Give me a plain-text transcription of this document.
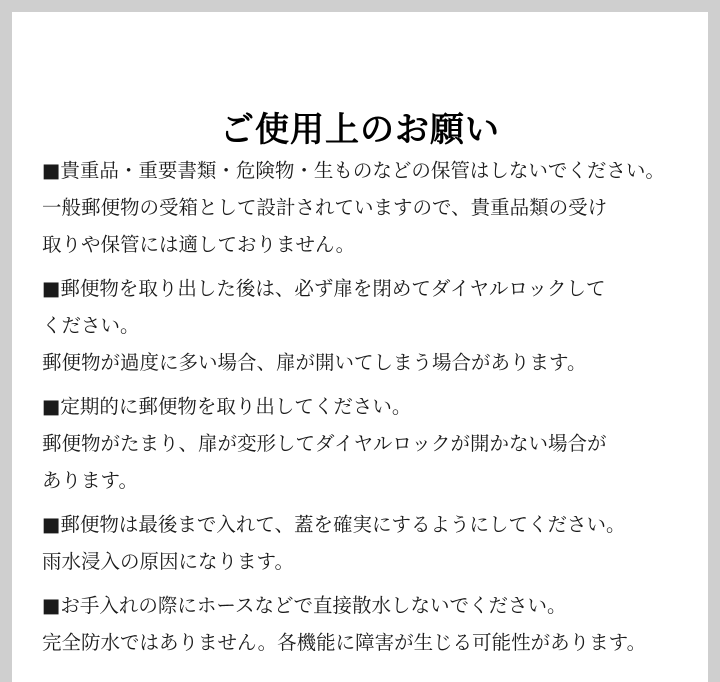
ご使用上のお願い

■貴重品・重要書類・危険物・生ものなどの保管はしないでください。

一般郵便物の受箱として設計されていますので、貴重品類の受け

取りや保管には適しておりません。

■郵便物を取り出した後は、必ず扉を閉めてダイヤルロックして

ください。

郵便物が過度に多い場合、扉が開いてしまう場合があります。

■定期的に郵便物を取り出してください。

郵便物がたまり、扉が変形してダイヤルロックが開かない場合が

あります。

■郵便物は最後まで入れて、蓋を確実にするようにしてください。

雨水浸入の原因になります。

■お手入れの際にホースなどで直接散水しないでください。

完全防水ではありません。各機能に障害が生じる可能性があります。
